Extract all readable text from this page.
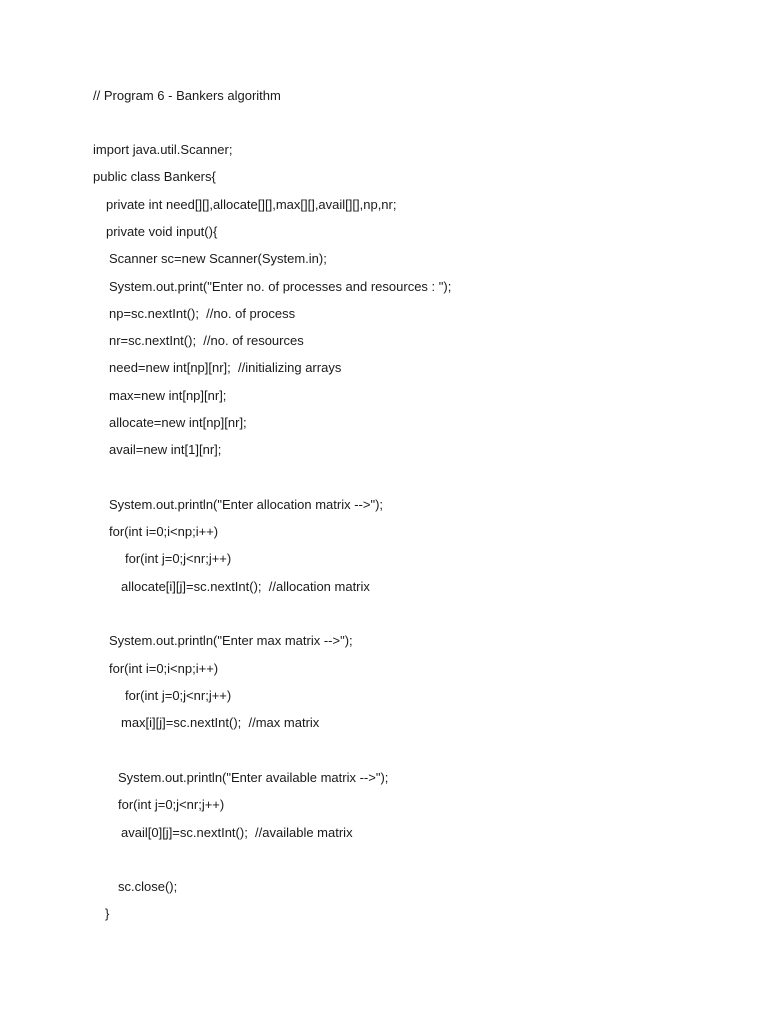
// Program 6 - Bankers algorithm
import java.util.Scanner;
public class Bankers{
private int need[][],allocate[][],max[][],avail[][],np,nr;
private void input(){
Scanner sc=new Scanner(System.in);
System.out.print("Enter no. of processes and resources : ");
np=sc.nextInt();  //no. of process
nr=sc.nextInt();  //no. of resources
need=new int[np][nr];  //initializing arrays
max=new int[np][nr];
allocate=new int[np][nr];
avail=new int[1][nr];
System.out.println("Enter allocation matrix -->");
for(int i=0;i<np;i++)
for(int j=0;j<nr;j++)
allocate[i][j]=sc.nextInt();  //allocation matrix
System.out.println("Enter max matrix -->");
for(int i=0;i<np;i++)
for(int j=0;j<nr;j++)
max[i][j]=sc.nextInt();  //max matrix
System.out.println("Enter available matrix -->");
for(int j=0;j<nr;j++)
avail[0][j]=sc.nextInt();  //available matrix
sc.close();
}
